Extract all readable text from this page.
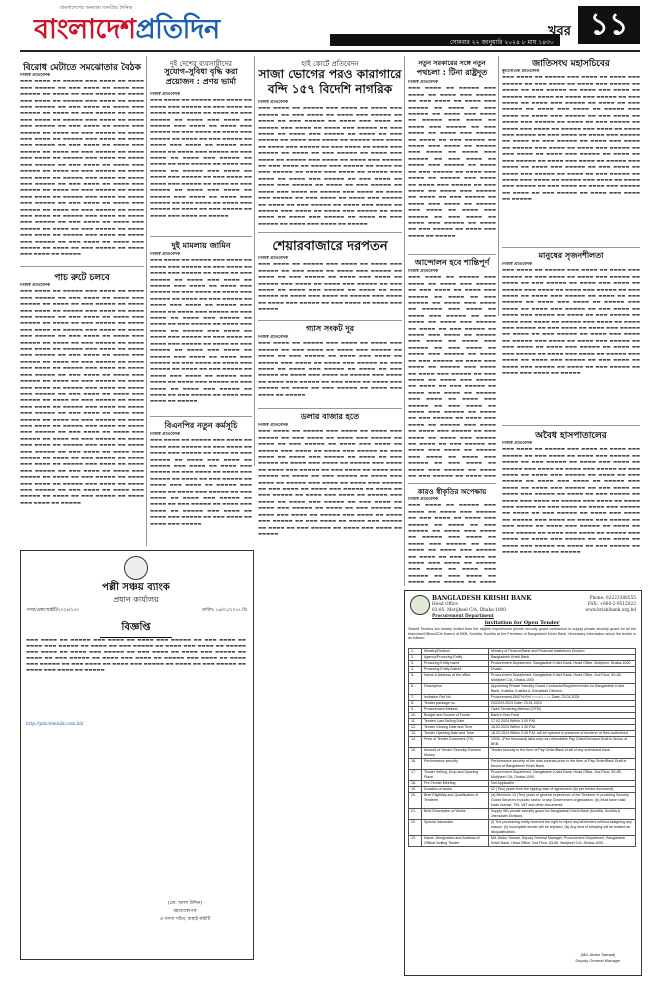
বাংলাদেশের অন্যতম জনপ্রিয় দৈনিক
বাংলাদেশপ্রতিদিন	সোমবার ২২ জানুয়ারি ২০২৪ ৮ মাঘ ১৪৩০
খবর ১১
বিরোধ মেটাতে সমঝোতার বৈঠক
নিজস্ব প্রতিবেদক
▬▬▬ ▬▬▬▬ ▬▬ ▬▬▬▬▬ ▬▬▬ ▬▬▬▬ ▬▬ ▬▬▬▬ ▬▬▬ ▬▬▬▬▬ ▬▬ ▬▬▬ ▬▬▬▬ ▬▬ ▬▬▬▬ ▬▬▬ ▬▬▬▬▬ ▬▬ ▬▬▬▬ ▬▬ ▬▬▬ ▬▬▬▬▬ ▬▬ ▬▬▬▬ ▬▬▬ ▬▬▬▬ ▬▬ ▬▬▬▬▬ ▬▬▬ ▬▬▬▬ ▬▬ ▬▬▬▬ ▬▬▬ ▬▬▬▬▬ ▬▬ ▬▬▬ ▬▬▬▬ ▬▬ ▬▬▬▬ ▬▬▬ ▬▬▬▬▬ ▬▬ ▬▬▬▬ ▬▬ ▬▬▬ ▬▬▬▬▬ ▬▬ ▬▬▬▬ ▬▬▬ ▬▬▬▬ ▬▬ ▬▬▬▬▬ ▬▬▬ ▬▬▬▬ ▬▬ ▬▬▬▬ ▬▬▬ ▬▬▬▬▬ ▬▬ ▬▬▬ ▬▬▬▬ ▬▬ ▬▬▬▬ ▬▬▬ ▬▬▬▬▬ ▬▬ ▬▬▬▬ ▬▬ ▬▬▬ ▬▬▬▬▬ ▬▬ ▬▬▬▬ ▬▬▬ ▬▬▬▬ ▬▬ ▬▬▬▬▬ ▬▬▬ ▬▬▬▬ ▬▬ ▬▬▬▬ ▬▬▬ ▬▬▬▬▬ ▬▬ ▬▬▬ ▬▬▬▬ ▬▬ ▬▬▬▬ ▬▬▬ ▬▬▬▬▬ ▬▬ ▬▬▬▬ ▬▬ ▬▬▬ ▬▬▬▬▬ ▬▬ ▬▬▬▬ ▬▬▬ ▬▬▬▬ ▬▬ ▬▬▬▬▬ ▬▬▬ ▬▬▬▬ ▬▬ ▬▬▬▬ ▬▬▬ ▬▬▬▬▬ ▬▬ ▬▬▬ ▬▬▬▬ ▬▬ ▬▬▬▬ ▬▬▬ ▬▬▬▬▬ ▬▬ ▬▬▬▬ ▬▬ ▬▬▬ ▬▬▬▬▬ ▬▬ ▬▬▬▬ ▬▬▬ ▬▬▬▬ ▬▬ ▬▬▬▬▬ ▬▬▬ ▬▬▬▬ ▬▬ ▬▬▬▬ ▬▬▬ ▬▬▬▬▬ ▬▬ ▬▬▬ ▬▬▬▬ ▬▬ ▬▬▬▬ ▬▬▬ ▬▬▬▬▬ ▬▬ ▬▬▬▬ ▬▬ ▬▬▬ ▬▬▬▬▬ ▬▬ ▬▬▬▬ ▬▬▬ ▬▬▬▬ ▬▬ ▬▬▬▬▬ ▬▬▬ ▬▬▬▬ ▬▬ ▬▬▬▬ ▬▬▬ ▬▬▬▬▬ ▬▬ ▬▬▬ ▬▬▬▬ ▬▬ ▬▬▬▬ ▬▬▬ ▬▬▬▬▬ ▬▬ ▬▬▬▬ ▬▬ ▬▬▬ ▬▬▬▬▬ ▬▬ ▬▬▬▬ ▬▬▬ ▬▬▬▬ ▬▬ ▬▬▬▬▬ ▬▬▬ ▬▬▬▬ ▬▬ ▬▬▬▬ ▬▬▬ ▬▬▬▬▬ ▬▬ ▬▬▬ ▬▬▬▬ ▬▬ ▬▬▬▬ ▬▬▬ ▬▬▬▬▬ ▬▬ ▬▬▬▬ ▬▬ ▬▬▬ ▬▬▬▬▬ ▬▬ ▬▬▬▬ ▬▬▬ ▬▬▬▬ ▬▬ ▬▬▬▬▬ ▬▬▬ ▬▬▬▬ ▬▬ ▬▬▬▬ ▬▬▬ ▬▬▬▬▬ ▬▬ ▬▬▬ ▬▬▬▬ ▬▬ ▬▬▬▬ ▬▬▬ ▬▬▬▬▬ ▬▬ ▬▬▬▬ ▬▬ ▬▬▬ ▬▬▬▬▬ ▬▬ ▬▬▬▬ ▬▬▬ ▬▬▬▬ ▬▬ ▬▬▬▬▬
পাচ রুটে চলবে
নিজস্ব প্রতিবেদক
▬▬▬ ▬▬▬▬ ▬▬ ▬▬▬▬▬ ▬▬▬ ▬▬▬▬ ▬▬ ▬▬▬▬ ▬▬▬ ▬▬▬▬▬ ▬▬ ▬▬▬ ▬▬▬▬ ▬▬ ▬▬▬▬ ▬▬▬ ▬▬▬▬▬ ▬▬ ▬▬▬▬ ▬▬ ▬▬▬ ▬▬▬▬▬ ▬▬ ▬▬▬▬ ▬▬▬ ▬▬▬▬ ▬▬ ▬▬▬▬▬ ▬▬▬ ▬▬▬▬ ▬▬ ▬▬▬▬ ▬▬▬ ▬▬▬▬▬ ▬▬ ▬▬▬ ▬▬▬▬ ▬▬ ▬▬▬▬ ▬▬▬ ▬▬▬▬▬ ▬▬ ▬▬▬▬ ▬▬ ▬▬▬ ▬▬▬▬▬ ▬▬ ▬▬▬▬ ▬▬▬ ▬▬▬▬ ▬▬ ▬▬▬▬▬ ▬▬▬ ▬▬▬▬ ▬▬ ▬▬▬▬ ▬▬▬ ▬▬▬▬▬ ▬▬ ▬▬▬ ▬▬▬▬ ▬▬ ▬▬▬▬ ▬▬▬ ▬▬▬▬▬ ▬▬ ▬▬▬▬ ▬▬ ▬▬▬ ▬▬▬▬▬ ▬▬ ▬▬▬▬ ▬▬▬ ▬▬▬▬ ▬▬ ▬▬▬▬▬ ▬▬▬ ▬▬▬▬ ▬▬ ▬▬▬▬ ▬▬▬ ▬▬▬▬▬ ▬▬ ▬▬▬ ▬▬▬▬ ▬▬ ▬▬▬▬ ▬▬▬ ▬▬▬▬▬ ▬▬ ▬▬▬▬ ▬▬ ▬▬▬ ▬▬▬▬▬ ▬▬ ▬▬▬▬ ▬▬▬ ▬▬▬▬ ▬▬ ▬▬▬▬▬ ▬▬▬ ▬▬▬▬ ▬▬ ▬▬▬▬ ▬▬▬ ▬▬▬▬▬ ▬▬ ▬▬▬ ▬▬▬▬ ▬▬ ▬▬▬▬ ▬▬▬ ▬▬▬▬▬ ▬▬ ▬▬▬▬ ▬▬ ▬▬▬ ▬▬▬▬▬ ▬▬ ▬▬▬▬ ▬▬▬ ▬▬▬▬ ▬▬ ▬▬▬▬▬ ▬▬▬ ▬▬▬▬ ▬▬ ▬▬▬▬ ▬▬▬ ▬▬▬▬▬ ▬▬ ▬▬▬ ▬▬▬▬ ▬▬ ▬▬▬▬ ▬▬▬ ▬▬▬▬▬ ▬▬ ▬▬▬▬ ▬▬ ▬▬▬ ▬▬▬▬▬ ▬▬ ▬▬▬▬ ▬▬▬ ▬▬▬▬ ▬▬ ▬▬▬▬▬ ▬▬▬ ▬▬▬▬ ▬▬ ▬▬▬▬ ▬▬▬ ▬▬▬▬▬ ▬▬ ▬▬▬ ▬▬▬▬ ▬▬ ▬▬▬▬ ▬▬▬ ▬▬▬▬▬ ▬▬ ▬▬▬▬ ▬▬ ▬▬▬ ▬▬▬▬▬ ▬▬ ▬▬▬▬ ▬▬▬ ▬▬▬▬ ▬▬ ▬▬▬▬▬ ▬▬▬ ▬▬▬▬ ▬▬ ▬▬▬▬ ▬▬▬ ▬▬▬▬▬ ▬▬ ▬▬▬ ▬▬▬▬ ▬▬ ▬▬▬▬ ▬▬▬ ▬▬▬▬▬ ▬▬ ▬▬▬▬ ▬▬ ▬▬▬ ▬▬▬▬▬ ▬▬ ▬▬▬▬ ▬▬▬ ▬▬▬▬ ▬▬ ▬▬▬▬▬ ▬▬▬ ▬▬▬▬ ▬▬ ▬▬▬▬ ▬▬▬ ▬▬▬▬▬ ▬▬ ▬▬▬ ▬▬▬▬ ▬▬ ▬▬▬▬ ▬▬▬ ▬▬▬▬▬ ▬▬ ▬▬▬▬ ▬▬ ▬▬▬ ▬▬▬▬▬ ▬▬ ▬▬▬▬ ▬▬▬ ▬▬▬▬ ▬▬ ▬▬▬▬▬ ▬▬▬ ▬▬▬▬ ▬▬ ▬▬▬▬ ▬▬▬ ▬▬▬▬▬ ▬▬ ▬▬▬ ▬▬▬▬ ▬▬ ▬▬▬▬ ▬▬▬ ▬▬▬▬▬ ▬▬ ▬▬▬▬ ▬▬ ▬▬▬ ▬▬▬▬▬ ▬▬ ▬▬▬▬ ▬▬▬ ▬▬▬▬ ▬▬ ▬▬▬▬▬ ▬▬▬ ▬▬▬▬ ▬▬ ▬▬▬▬ ▬▬▬ ▬▬▬▬▬ ▬▬ ▬▬▬ ▬▬▬▬ ▬▬ ▬▬▬▬ ▬▬▬ ▬▬▬▬▬ ▬▬ ▬▬▬▬ ▬▬ ▬▬▬ ▬▬▬▬▬ ▬▬ ▬▬▬▬ ▬▬▬ ▬▬▬▬ ▬▬ ▬▬▬▬▬
দুই দেশের ব্যবসায়ীদের
সুযোগ-সুবিধা বৃদ্ধি করা প্রয়োজন : প্রণয় ভার্মা
নিজস্ব প্রতিবেদক
▬▬▬ ▬▬▬▬ ▬▬ ▬▬▬▬▬ ▬▬▬ ▬▬▬▬ ▬▬ ▬▬▬▬ ▬▬▬ ▬▬▬▬▬ ▬▬ ▬▬▬ ▬▬▬▬ ▬▬ ▬▬▬▬ ▬▬▬ ▬▬▬▬▬ ▬▬ ▬▬▬▬ ▬▬ ▬▬▬ ▬▬▬▬▬ ▬▬ ▬▬▬▬ ▬▬▬ ▬▬▬▬ ▬▬ ▬▬▬▬▬ ▬▬▬ ▬▬▬▬ ▬▬ ▬▬▬▬ ▬▬▬ ▬▬▬▬▬ ▬▬ ▬▬▬ ▬▬▬▬ ▬▬ ▬▬▬▬ ▬▬▬ ▬▬▬▬▬ ▬▬ ▬▬▬▬ ▬▬ ▬▬▬ ▬▬▬▬▬ ▬▬ ▬▬▬▬ ▬▬▬ ▬▬▬▬ ▬▬ ▬▬▬▬▬ ▬▬▬ ▬▬▬▬ ▬▬ ▬▬▬▬ ▬▬▬ ▬▬▬▬▬ ▬▬ ▬▬▬ ▬▬▬▬ ▬▬ ▬▬▬▬ ▬▬▬ ▬▬▬▬▬ ▬▬ ▬▬▬▬ ▬▬ ▬▬▬ ▬▬▬▬▬ ▬▬ ▬▬▬▬ ▬▬▬ ▬▬▬▬ ▬▬ ▬▬▬▬▬ ▬▬▬ ▬▬▬▬ ▬▬ ▬▬▬▬ ▬▬▬ ▬▬▬▬▬ ▬▬ ▬▬▬ ▬▬▬▬ ▬▬ ▬▬▬▬ ▬▬▬ ▬▬▬▬▬ ▬▬ ▬▬▬▬ ▬▬ ▬▬▬ ▬▬▬▬▬ ▬▬ ▬▬▬▬ ▬▬▬ ▬▬▬▬ ▬▬ ▬▬▬▬▬ ▬▬▬ ▬▬▬▬ ▬▬ ▬▬▬▬ ▬▬▬ ▬▬▬▬▬ ▬▬ ▬▬▬ ▬▬▬▬ ▬▬ ▬▬▬▬ ▬▬▬ ▬▬▬▬▬ ▬▬ ▬▬▬▬ ▬▬ ▬▬▬ ▬▬▬▬▬ ▬▬ ▬▬▬▬ ▬▬▬ ▬▬▬▬ ▬▬ ▬▬▬▬▬
দুই মামলায় জামিন
নিজস্ব প্রতিবেদক
▬▬▬ ▬▬▬▬ ▬▬ ▬▬▬▬▬ ▬▬▬ ▬▬▬▬ ▬▬ ▬▬▬▬ ▬▬▬ ▬▬▬▬▬ ▬▬ ▬▬▬ ▬▬▬▬ ▬▬ ▬▬▬▬ ▬▬▬ ▬▬▬▬▬ ▬▬ ▬▬▬▬ ▬▬ ▬▬▬ ▬▬▬▬▬ ▬▬ ▬▬▬▬ ▬▬▬ ▬▬▬▬ ▬▬ ▬▬▬▬▬ ▬▬▬ ▬▬▬▬ ▬▬ ▬▬▬▬ ▬▬▬ ▬▬▬▬▬ ▬▬ ▬▬▬ ▬▬▬▬ ▬▬ ▬▬▬▬ ▬▬▬ ▬▬▬▬▬ ▬▬ ▬▬▬▬ ▬▬ ▬▬▬ ▬▬▬▬▬ ▬▬ ▬▬▬▬ ▬▬▬ ▬▬▬▬ ▬▬ ▬▬▬▬▬ ▬▬▬ ▬▬▬▬ ▬▬ ▬▬▬▬ ▬▬▬ ▬▬▬▬▬ ▬▬ ▬▬▬ ▬▬▬▬ ▬▬ ▬▬▬▬ ▬▬▬ ▬▬▬▬▬ ▬▬ ▬▬▬▬ ▬▬ ▬▬▬ ▬▬▬▬▬ ▬▬ ▬▬▬▬ ▬▬▬ ▬▬▬▬ ▬▬ ▬▬▬▬▬ ▬▬▬ ▬▬▬▬ ▬▬ ▬▬▬▬ ▬▬▬ ▬▬▬▬▬ ▬▬ ▬▬▬ ▬▬▬▬ ▬▬ ▬▬▬▬ ▬▬▬ ▬▬▬▬▬ ▬▬ ▬▬▬▬ ▬▬ ▬▬▬ ▬▬▬▬▬ ▬▬ ▬▬▬▬ ▬▬▬ ▬▬▬▬ ▬▬ ▬▬▬▬▬ ▬▬▬ ▬▬▬▬ ▬▬ ▬▬▬▬ ▬▬▬ ▬▬▬▬▬ ▬▬ ▬▬▬ ▬▬▬▬ ▬▬ ▬▬▬▬ ▬▬▬ ▬▬▬▬▬ ▬▬ ▬▬▬▬ ▬▬ ▬▬▬ ▬▬▬▬▬ ▬▬ ▬▬▬▬ ▬▬▬ ▬▬▬▬ ▬▬ ▬▬▬▬▬ ▬▬▬ ▬▬▬▬ ▬▬ ▬▬▬▬ ▬▬▬ ▬▬▬▬▬ ▬▬ ▬▬▬ ▬▬▬▬ ▬▬ ▬▬▬▬ ▬▬▬ ▬▬▬▬▬ ▬▬ ▬▬▬▬ ▬▬ ▬▬▬ ▬▬▬▬▬ ▬▬ ▬▬▬▬ ▬▬▬ ▬▬▬▬ ▬▬ ▬▬▬▬▬
বিএনপির নতুন কর্মসূচি
নিজস্ব প্রতিবেদক
▬▬▬ ▬▬▬▬ ▬▬ ▬▬▬▬▬ ▬▬▬ ▬▬▬▬ ▬▬ ▬▬▬▬ ▬▬▬ ▬▬▬▬▬ ▬▬ ▬▬▬ ▬▬▬▬ ▬▬ ▬▬▬▬ ▬▬▬ ▬▬▬▬▬ ▬▬ ▬▬▬▬ ▬▬ ▬▬▬ ▬▬▬▬▬ ▬▬ ▬▬▬▬ ▬▬▬ ▬▬▬▬ ▬▬ ▬▬▬▬▬ ▬▬▬ ▬▬▬▬ ▬▬ ▬▬▬▬ ▬▬▬ ▬▬▬▬▬ ▬▬ ▬▬▬ ▬▬▬▬ ▬▬ ▬▬▬▬ ▬▬▬ ▬▬▬▬▬ ▬▬ ▬▬▬▬ ▬▬ ▬▬▬ ▬▬▬▬▬ ▬▬ ▬▬▬▬ ▬▬▬ ▬▬▬▬ ▬▬ ▬▬▬▬▬ ▬▬▬ ▬▬▬▬ ▬▬ ▬▬▬▬ ▬▬▬ ▬▬▬▬▬ ▬▬ ▬▬▬ ▬▬▬▬ ▬▬ ▬▬▬▬ ▬▬▬ ▬▬▬▬▬ ▬▬ ▬▬▬▬ ▬▬ ▬▬▬ ▬▬▬▬▬ ▬▬ ▬▬▬▬ ▬▬▬ ▬▬▬▬ ▬▬ ▬▬▬▬▬ ▬▬▬ ▬▬▬▬ ▬▬ ▬▬▬▬ ▬▬▬ ▬▬▬▬▬ ▬▬ ▬▬▬ ▬▬▬▬ ▬▬ ▬▬▬▬ ▬▬▬ ▬▬▬▬▬
হাই কোর্টে প্রতিবেদন
সাজা ভোগের পরও কারাগারে বন্দি ১৫৭ বিদেশি নাগরিক
নিজস্ব প্রতিবেদক
▬▬▬ ▬▬▬▬ ▬▬ ▬▬▬▬▬ ▬▬▬ ▬▬▬▬ ▬▬ ▬▬▬▬ ▬▬▬ ▬▬▬▬▬ ▬▬ ▬▬▬ ▬▬▬▬ ▬▬ ▬▬▬▬ ▬▬▬ ▬▬▬▬▬ ▬▬ ▬▬▬▬ ▬▬ ▬▬▬ ▬▬▬▬▬ ▬▬ ▬▬▬▬ ▬▬▬ ▬▬▬▬ ▬▬ ▬▬▬▬▬ ▬▬▬ ▬▬▬▬ ▬▬ ▬▬▬▬ ▬▬▬ ▬▬▬▬▬ ▬▬ ▬▬▬ ▬▬▬▬ ▬▬ ▬▬▬▬ ▬▬▬ ▬▬▬▬▬ ▬▬ ▬▬▬▬ ▬▬ ▬▬▬ ▬▬▬▬▬ ▬▬ ▬▬▬▬ ▬▬▬ ▬▬▬▬ ▬▬ ▬▬▬▬▬ ▬▬▬ ▬▬▬▬ ▬▬ ▬▬▬▬ ▬▬▬ ▬▬▬▬▬ ▬▬ ▬▬▬ ▬▬▬▬ ▬▬ ▬▬▬▬ ▬▬▬ ▬▬▬▬▬ ▬▬ ▬▬▬▬ ▬▬ ▬▬▬ ▬▬▬▬▬ ▬▬ ▬▬▬▬ ▬▬▬ ▬▬▬▬ ▬▬ ▬▬▬▬▬ ▬▬▬ ▬▬▬▬ ▬▬ ▬▬▬▬ ▬▬▬ ▬▬▬▬▬ ▬▬ ▬▬▬ ▬▬▬▬ ▬▬ ▬▬▬▬ ▬▬▬ ▬▬▬▬▬ ▬▬ ▬▬▬▬ ▬▬ ▬▬▬ ▬▬▬▬▬ ▬▬ ▬▬▬▬ ▬▬▬ ▬▬▬▬ ▬▬ ▬▬▬▬▬ ▬▬▬ ▬▬▬▬ ▬▬ ▬▬▬▬ ▬▬▬ ▬▬▬▬▬ ▬▬ ▬▬▬ ▬▬▬▬ ▬▬ ▬▬▬▬ ▬▬▬ ▬▬▬▬▬ ▬▬ ▬▬▬▬ ▬▬ ▬▬▬ ▬▬▬▬▬ ▬▬ ▬▬▬▬ ▬▬▬ ▬▬▬▬ ▬▬ ▬▬▬▬▬ ▬▬▬ ▬▬▬▬ ▬▬ ▬▬▬▬ ▬▬▬ ▬▬▬▬▬ ▬▬ ▬▬▬ ▬▬▬▬ ▬▬ ▬▬▬▬ ▬▬▬ ▬▬▬▬▬ ▬▬ ▬▬▬▬ ▬▬ ▬▬▬ ▬▬▬▬▬ ▬▬ ▬▬▬▬ ▬▬▬ ▬▬▬▬ ▬▬ ▬▬▬▬▬ ▬▬▬ ▬▬▬▬ ▬▬ ▬▬▬▬ ▬▬▬ ▬▬▬▬▬ ▬▬ ▬▬▬ ▬▬▬▬ ▬▬ ▬▬▬▬ ▬▬▬ ▬▬▬▬▬ ▬▬ ▬▬▬▬ ▬▬ ▬▬▬ ▬▬▬▬▬ ▬▬ ▬▬▬▬ ▬▬▬ ▬▬▬▬ ▬▬ ▬▬▬▬▬
শেয়ারবাজারে দরপতন
নিজস্ব প্রতিবেদক
▬▬▬ ▬▬▬▬ ▬▬ ▬▬▬▬▬ ▬▬▬ ▬▬▬▬ ▬▬ ▬▬▬▬ ▬▬▬ ▬▬▬▬▬ ▬▬ ▬▬▬ ▬▬▬▬ ▬▬ ▬▬▬▬ ▬▬▬ ▬▬▬▬▬ ▬▬ ▬▬▬▬ ▬▬ ▬▬▬ ▬▬▬▬▬ ▬▬ ▬▬▬▬ ▬▬▬ ▬▬▬▬ ▬▬ ▬▬▬▬▬ ▬▬▬ ▬▬▬▬ ▬▬ ▬▬▬▬ ▬▬▬ ▬▬▬▬▬ ▬▬ ▬▬▬ ▬▬▬▬ ▬▬ ▬▬▬▬ ▬▬▬ ▬▬▬▬▬ ▬▬ ▬▬▬▬ ▬▬ ▬▬▬ ▬▬▬▬▬ ▬▬ ▬▬▬▬ ▬▬▬ ▬▬▬▬ ▬▬ ▬▬▬▬▬ ▬▬▬ ▬▬▬▬ ▬▬ ▬▬▬▬ ▬▬▬ ▬▬▬▬▬ ▬▬ ▬▬▬ ▬▬▬▬ ▬▬ ▬▬▬▬ ▬▬▬ ▬▬▬▬▬
গ্যাস সংকট দূর
নিজস্ব প্রতিবেদক
▬▬▬ ▬▬▬▬ ▬▬ ▬▬▬▬▬ ▬▬▬ ▬▬▬▬ ▬▬ ▬▬▬▬ ▬▬▬ ▬▬▬▬▬ ▬▬ ▬▬▬ ▬▬▬▬ ▬▬ ▬▬▬▬ ▬▬▬ ▬▬▬▬▬ ▬▬ ▬▬▬▬ ▬▬ ▬▬▬ ▬▬▬▬▬ ▬▬ ▬▬▬▬ ▬▬▬ ▬▬▬▬ ▬▬ ▬▬▬▬▬ ▬▬▬ ▬▬▬▬ ▬▬ ▬▬▬▬ ▬▬▬ ▬▬▬▬▬ ▬▬ ▬▬▬ ▬▬▬▬ ▬▬ ▬▬▬▬ ▬▬▬ ▬▬▬▬▬ ▬▬ ▬▬▬▬ ▬▬ ▬▬▬ ▬▬▬▬▬ ▬▬ ▬▬▬▬ ▬▬▬ ▬▬▬▬ ▬▬ ▬▬▬▬▬ ▬▬▬ ▬▬▬▬ ▬▬ ▬▬▬▬ ▬▬▬ ▬▬▬▬▬ ▬▬ ▬▬▬ ▬▬▬▬ ▬▬ ▬▬▬▬ ▬▬▬ ▬▬▬▬▬ ▬▬ ▬▬▬▬ ▬▬ ▬▬▬ ▬▬▬▬▬ ▬▬ ▬▬▬▬ ▬▬▬ ▬▬▬▬ ▬▬ ▬▬▬▬▬
ডলার বাজার হতে
নিজস্ব প্রতিবেদক
▬▬▬ ▬▬▬▬ ▬▬ ▬▬▬▬▬ ▬▬▬ ▬▬▬▬ ▬▬ ▬▬▬▬ ▬▬▬ ▬▬▬▬▬ ▬▬ ▬▬▬ ▬▬▬▬ ▬▬ ▬▬▬▬ ▬▬▬ ▬▬▬▬▬ ▬▬ ▬▬▬▬ ▬▬ ▬▬▬ ▬▬▬▬▬ ▬▬ ▬▬▬▬ ▬▬▬ ▬▬▬▬ ▬▬ ▬▬▬▬▬ ▬▬▬ ▬▬▬▬ ▬▬ ▬▬▬▬ ▬▬▬ ▬▬▬▬▬ ▬▬ ▬▬▬ ▬▬▬▬ ▬▬ ▬▬▬▬ ▬▬▬ ▬▬▬▬▬ ▬▬ ▬▬▬▬ ▬▬ ▬▬▬ ▬▬▬▬▬ ▬▬ ▬▬▬▬ ▬▬▬ ▬▬▬▬ ▬▬ ▬▬▬▬▬ ▬▬▬ ▬▬▬▬ ▬▬ ▬▬▬▬ ▬▬▬ ▬▬▬▬▬ ▬▬ ▬▬▬ ▬▬▬▬ ▬▬ ▬▬▬▬ ▬▬▬ ▬▬▬▬▬ ▬▬ ▬▬▬▬ ▬▬ ▬▬▬ ▬▬▬▬▬ ▬▬ ▬▬▬▬ ▬▬▬ ▬▬▬▬ ▬▬ ▬▬▬▬▬ ▬▬▬ ▬▬▬▬ ▬▬ ▬▬▬▬ ▬▬▬ ▬▬▬▬▬ ▬▬ ▬▬▬ ▬▬▬▬ ▬▬ ▬▬▬▬ ▬▬▬ ▬▬▬▬▬ ▬▬ ▬▬▬▬ ▬▬ ▬▬▬ ▬▬▬▬▬ ▬▬ ▬▬▬▬ ▬▬▬ ▬▬▬▬ ▬▬ ▬▬▬▬▬ ▬▬▬ ▬▬▬▬ ▬▬ ▬▬▬▬ ▬▬▬ ▬▬▬▬▬ ▬▬ ▬▬▬ ▬▬▬▬ ▬▬ ▬▬▬▬ ▬▬▬ ▬▬▬▬▬ ▬▬ ▬▬▬▬ ▬▬ ▬▬▬ ▬▬▬▬▬ ▬▬ ▬▬▬▬ ▬▬▬ ▬▬▬▬ ▬▬ ▬▬▬▬▬ ▬▬▬ ▬▬▬▬ ▬▬ ▬▬▬▬ ▬▬▬ ▬▬▬▬▬ ▬▬ ▬▬▬ ▬▬▬▬ ▬▬ ▬▬▬▬ ▬▬▬ ▬▬▬▬▬ ▬▬ ▬▬▬▬ ▬▬ ▬▬▬ ▬▬▬▬▬ ▬▬ ▬▬▬▬ ▬▬▬ ▬▬▬▬ ▬▬ ▬▬▬▬▬
নতুন সরকারের সঙ্গে নতুন
পথচলা : টিনা রাষ্ট্রদূত
নিজস্ব প্রতিবেদক
▬▬▬ ▬▬▬▬ ▬▬ ▬▬▬▬▬ ▬▬▬ ▬▬▬▬ ▬▬ ▬▬▬▬ ▬▬▬ ▬▬▬▬▬ ▬▬ ▬▬▬ ▬▬▬▬ ▬▬ ▬▬▬▬ ▬▬▬ ▬▬▬▬▬ ▬▬ ▬▬▬▬ ▬▬ ▬▬▬ ▬▬▬▬▬ ▬▬ ▬▬▬▬ ▬▬▬ ▬▬▬▬ ▬▬ ▬▬▬▬▬ ▬▬▬ ▬▬▬▬ ▬▬ ▬▬▬▬ ▬▬▬ ▬▬▬▬▬ ▬▬ ▬▬▬ ▬▬▬▬ ▬▬ ▬▬▬▬ ▬▬▬ ▬▬▬▬▬ ▬▬ ▬▬▬▬ ▬▬ ▬▬▬ ▬▬▬▬▬ ▬▬ ▬▬▬▬ ▬▬▬ ▬▬▬▬ ▬▬ ▬▬▬▬▬ ▬▬▬ ▬▬▬▬ ▬▬ ▬▬▬▬ ▬▬▬ ▬▬▬▬▬ ▬▬ ▬▬▬ ▬▬▬▬ ▬▬ ▬▬▬▬ ▬▬▬ ▬▬▬▬▬ ▬▬ ▬▬▬▬ ▬▬ ▬▬▬ ▬▬▬▬▬ ▬▬ ▬▬▬▬ ▬▬▬ ▬▬▬▬ ▬▬ ▬▬▬▬▬ ▬▬▬ ▬▬▬▬ ▬▬ ▬▬▬▬ ▬▬▬ ▬▬▬▬▬ ▬▬ ▬▬▬ ▬▬▬▬ ▬▬ ▬▬▬▬ ▬▬▬ ▬▬▬▬▬ ▬▬ ▬▬▬▬ ▬▬ ▬▬▬ ▬▬▬▬▬ ▬▬ ▬▬▬▬ ▬▬▬ ▬▬▬▬ ▬▬ ▬▬▬▬▬ ▬▬▬ ▬▬▬▬ ▬▬ ▬▬▬▬ ▬▬▬ ▬▬▬▬▬ ▬▬ ▬▬▬ ▬▬▬▬ ▬▬ ▬▬▬▬ ▬▬▬ ▬▬▬▬▬ ▬▬ ▬▬▬▬ ▬▬ ▬▬▬ ▬▬▬▬▬ ▬▬ ▬▬▬▬ ▬▬▬ ▬▬▬▬ ▬▬ ▬▬▬▬▬
আন্দোলন হবে শান্তিপূর্ণ
নিজস্ব প্রতিবেদক
▬▬▬ ▬▬▬▬ ▬▬ ▬▬▬▬▬ ▬▬▬ ▬▬▬▬ ▬▬ ▬▬▬▬ ▬▬▬ ▬▬▬▬▬ ▬▬ ▬▬▬ ▬▬▬▬ ▬▬ ▬▬▬▬ ▬▬▬ ▬▬▬▬▬ ▬▬ ▬▬▬▬ ▬▬ ▬▬▬ ▬▬▬▬▬ ▬▬ ▬▬▬▬ ▬▬▬ ▬▬▬▬ ▬▬ ▬▬▬▬▬ ▬▬▬ ▬▬▬▬ ▬▬ ▬▬▬▬ ▬▬▬ ▬▬▬▬▬ ▬▬ ▬▬▬ ▬▬▬▬ ▬▬ ▬▬▬▬ ▬▬▬ ▬▬▬▬▬ ▬▬ ▬▬▬▬ ▬▬ ▬▬▬ ▬▬▬▬▬ ▬▬ ▬▬▬▬ ▬▬▬ ▬▬▬▬ ▬▬ ▬▬▬▬▬ ▬▬▬ ▬▬▬▬ ▬▬ ▬▬▬▬ ▬▬▬ ▬▬▬▬▬ ▬▬ ▬▬▬ ▬▬▬▬ ▬▬ ▬▬▬▬ ▬▬▬ ▬▬▬▬▬ ▬▬ ▬▬▬▬ ▬▬ ▬▬▬ ▬▬▬▬▬ ▬▬ ▬▬▬▬ ▬▬▬ ▬▬▬▬ ▬▬ ▬▬▬▬▬ ▬▬▬ ▬▬▬▬ ▬▬ ▬▬▬▬ ▬▬▬ ▬▬▬▬▬ ▬▬ ▬▬▬ ▬▬▬▬ ▬▬ ▬▬▬▬ ▬▬▬ ▬▬▬▬▬ ▬▬ ▬▬▬▬ ▬▬ ▬▬▬ ▬▬▬▬▬ ▬▬ ▬▬▬▬ ▬▬▬ ▬▬▬▬ ▬▬ ▬▬▬▬▬ ▬▬▬ ▬▬▬▬ ▬▬ ▬▬▬▬ ▬▬▬ ▬▬▬▬▬ ▬▬ ▬▬▬ ▬▬▬▬ ▬▬ ▬▬▬▬ ▬▬▬ ▬▬▬▬▬ ▬▬ ▬▬▬▬ ▬▬ ▬▬▬ ▬▬▬▬▬ ▬▬ ▬▬▬▬ ▬▬▬ ▬▬▬▬ ▬▬ ▬▬▬▬▬ ▬▬▬ ▬▬▬▬ ▬▬ ▬▬▬▬ ▬▬▬ ▬▬▬▬▬ ▬▬ ▬▬▬ ▬▬▬▬ ▬▬ ▬▬▬▬ ▬▬▬ ▬▬▬▬▬ ▬▬ ▬▬▬▬ ▬▬ ▬▬▬ ▬▬▬▬▬ ▬▬ ▬▬▬▬ ▬▬▬ ▬▬▬▬ ▬▬ ▬▬▬▬▬ ▬▬▬ ▬▬▬▬ ▬▬ ▬▬▬▬ ▬▬▬ ▬▬▬▬▬ ▬▬ ▬▬▬ ▬▬▬▬ ▬▬ ▬▬▬▬ ▬▬▬ ▬▬▬▬▬ ▬▬ ▬▬▬▬ ▬▬ ▬▬▬ ▬▬▬▬▬ ▬▬ ▬▬▬▬ ▬▬▬
কারও স্বীকৃতির অপেক্ষায়
নিজস্ব প্রতিবেদক
▬▬▬ ▬▬▬▬ ▬▬ ▬▬▬▬▬ ▬▬▬ ▬▬▬▬ ▬▬ ▬▬▬▬ ▬▬▬ ▬▬▬▬▬ ▬▬ ▬▬▬ ▬▬▬▬ ▬▬ ▬▬▬▬ ▬▬▬ ▬▬▬▬▬ ▬▬ ▬▬▬▬ ▬▬ ▬▬▬ ▬▬▬▬▬ ▬▬ ▬▬▬▬ ▬▬▬ ▬▬▬▬ ▬▬ ▬▬▬▬▬ ▬▬▬ ▬▬▬▬ ▬▬ ▬▬▬▬ ▬▬▬ ▬▬▬▬▬ ▬▬ ▬▬▬ ▬▬▬▬ ▬▬ ▬▬▬▬ ▬▬▬ ▬▬▬▬▬ ▬▬ ▬▬▬▬ ▬▬ ▬▬▬ ▬▬▬▬▬ ▬▬ ▬▬▬▬ ▬▬▬ ▬▬▬▬ ▬▬ ▬▬▬▬▬ ▬▬▬ ▬▬▬▬ ▬▬ ▬▬▬▬ ▬▬▬ ▬▬▬▬▬ ▬▬ ▬▬▬ ▬▬▬▬ ▬▬ ▬▬▬▬ ▬▬▬ ▬▬▬▬▬ ▬▬ ▬▬▬▬
জাতিসংঘ মহাসচিবের
কূটনৈতিক প্রতিবেদক
▬▬▬ ▬▬▬▬ ▬▬ ▬▬▬▬▬ ▬▬▬ ▬▬▬▬ ▬▬ ▬▬▬▬ ▬▬▬ ▬▬▬▬▬ ▬▬ ▬▬▬ ▬▬▬▬ ▬▬ ▬▬▬▬ ▬▬▬ ▬▬▬▬▬ ▬▬ ▬▬▬▬ ▬▬ ▬▬▬ ▬▬▬▬▬ ▬▬ ▬▬▬▬ ▬▬▬ ▬▬▬▬ ▬▬ ▬▬▬▬▬ ▬▬▬ ▬▬▬▬ ▬▬ ▬▬▬▬ ▬▬▬ ▬▬▬▬▬ ▬▬ ▬▬▬ ▬▬▬▬ ▬▬ ▬▬▬▬ ▬▬▬ ▬▬▬▬▬ ▬▬ ▬▬▬▬ ▬▬ ▬▬▬ ▬▬▬▬▬ ▬▬ ▬▬▬▬ ▬▬▬ ▬▬▬▬ ▬▬ ▬▬▬▬▬ ▬▬▬ ▬▬▬▬ ▬▬ ▬▬▬▬ ▬▬▬ ▬▬▬▬▬ ▬▬ ▬▬▬ ▬▬▬▬ ▬▬ ▬▬▬▬ ▬▬▬ ▬▬▬▬▬ ▬▬ ▬▬▬▬ ▬▬ ▬▬▬ ▬▬▬▬▬ ▬▬ ▬▬▬▬ ▬▬▬ ▬▬▬▬ ▬▬ ▬▬▬▬▬ ▬▬▬ ▬▬▬▬ ▬▬ ▬▬▬▬ ▬▬▬ ▬▬▬▬▬ ▬▬ ▬▬▬ ▬▬▬▬ ▬▬ ▬▬▬▬ ▬▬▬ ▬▬▬▬▬ ▬▬ ▬▬▬▬ ▬▬ ▬▬▬ ▬▬▬▬▬ ▬▬ ▬▬▬▬ ▬▬▬ ▬▬▬▬ ▬▬ ▬▬▬▬▬ ▬▬▬ ▬▬▬▬ ▬▬ ▬▬▬▬ ▬▬▬ ▬▬▬▬▬ ▬▬ ▬▬▬ ▬▬▬▬ ▬▬ ▬▬▬▬ ▬▬▬ ▬▬▬▬▬ ▬▬ ▬▬▬▬ ▬▬ ▬▬▬ ▬▬▬▬▬ ▬▬ ▬▬▬▬ ▬▬▬ ▬▬▬▬ ▬▬ ▬▬▬▬▬ ▬▬▬ ▬▬▬▬ ▬▬ ▬▬▬▬ ▬▬▬ ▬▬▬▬▬ ▬▬ ▬▬▬ ▬▬▬▬ ▬▬ ▬▬▬▬ ▬▬▬ ▬▬▬▬▬ ▬▬ ▬▬▬▬ ▬▬ ▬▬▬ ▬▬▬▬▬ ▬▬ ▬▬▬▬ ▬▬▬ ▬▬▬▬ ▬▬ ▬▬▬▬▬ ▬▬▬ ▬▬▬▬ ▬▬ ▬▬▬▬ ▬▬▬ ▬▬▬▬▬ ▬▬ ▬▬▬ ▬▬▬▬ ▬▬ ▬▬▬▬ ▬▬▬ ▬▬▬▬▬ ▬▬ ▬▬▬▬ ▬▬ ▬▬▬ ▬▬▬▬▬ ▬▬ ▬▬▬▬ ▬▬▬ ▬▬▬▬ ▬▬ ▬▬▬▬▬
মানুষের সৃজনশীলতা
নিজস্ব প্রতিবেদক
▬▬▬ ▬▬▬▬ ▬▬ ▬▬▬▬▬ ▬▬▬ ▬▬▬▬ ▬▬ ▬▬▬▬ ▬▬▬ ▬▬▬▬▬ ▬▬ ▬▬▬ ▬▬▬▬ ▬▬ ▬▬▬▬ ▬▬▬ ▬▬▬▬▬ ▬▬ ▬▬▬▬ ▬▬ ▬▬▬ ▬▬▬▬▬ ▬▬ ▬▬▬▬ ▬▬▬ ▬▬▬▬ ▬▬ ▬▬▬▬▬ ▬▬▬ ▬▬▬▬ ▬▬ ▬▬▬▬ ▬▬▬ ▬▬▬▬▬ ▬▬ ▬▬▬ ▬▬▬▬ ▬▬ ▬▬▬▬ ▬▬▬ ▬▬▬▬▬ ▬▬ ▬▬▬▬ ▬▬ ▬▬▬ ▬▬▬▬▬ ▬▬ ▬▬▬▬ ▬▬▬ ▬▬▬▬ ▬▬ ▬▬▬▬▬ ▬▬▬ ▬▬▬▬ ▬▬ ▬▬▬▬ ▬▬▬ ▬▬▬▬▬ ▬▬ ▬▬▬ ▬▬▬▬ ▬▬ ▬▬▬▬ ▬▬▬ ▬▬▬▬▬ ▬▬ ▬▬▬▬ ▬▬ ▬▬▬ ▬▬▬▬▬ ▬▬ ▬▬▬▬ ▬▬▬ ▬▬▬▬ ▬▬ ▬▬▬▬▬ ▬▬▬ ▬▬▬▬ ▬▬ ▬▬▬▬ ▬▬▬ ▬▬▬▬▬ ▬▬ ▬▬▬ ▬▬▬▬ ▬▬ ▬▬▬▬ ▬▬▬ ▬▬▬▬▬ ▬▬ ▬▬▬▬ ▬▬ ▬▬▬ ▬▬▬▬▬ ▬▬ ▬▬▬▬ ▬▬▬ ▬▬▬▬ ▬▬ ▬▬▬▬▬ ▬▬▬ ▬▬▬▬ ▬▬ ▬▬▬▬ ▬▬▬ ▬▬▬▬▬ ▬▬ ▬▬▬ ▬▬▬▬ ▬▬ ▬▬▬▬ ▬▬▬ ▬▬▬▬▬ ▬▬ ▬▬▬▬ ▬▬ ▬▬▬ ▬▬▬▬▬ ▬▬ ▬▬▬▬ ▬▬▬ ▬▬▬▬ ▬▬ ▬▬▬▬▬ ▬▬▬ ▬▬▬▬ ▬▬ ▬▬▬▬ ▬▬▬ ▬▬▬▬▬ ▬▬ ▬▬▬ ▬▬▬▬ ▬▬ ▬▬▬▬ ▬▬▬ ▬▬▬▬▬ ▬▬ ▬▬▬▬ ▬▬ ▬▬▬ ▬▬▬▬▬ ▬▬ ▬▬▬▬ ▬▬▬ ▬▬▬▬ ▬▬ ▬▬▬▬▬
অবৈধ হাসপাতালের
নিজস্ব প্রতিবেদক
▬▬▬ ▬▬▬▬ ▬▬ ▬▬▬▬▬ ▬▬▬ ▬▬▬▬ ▬▬ ▬▬▬▬ ▬▬▬ ▬▬▬▬▬ ▬▬ ▬▬▬ ▬▬▬▬ ▬▬ ▬▬▬▬ ▬▬▬ ▬▬▬▬▬ ▬▬ ▬▬▬▬ ▬▬ ▬▬▬ ▬▬▬▬▬ ▬▬ ▬▬▬▬ ▬▬▬ ▬▬▬▬ ▬▬ ▬▬▬▬▬ ▬▬▬ ▬▬▬▬ ▬▬ ▬▬▬▬ ▬▬▬ ▬▬▬▬▬ ▬▬ ▬▬▬ ▬▬▬▬ ▬▬ ▬▬▬▬ ▬▬▬ ▬▬▬▬▬ ▬▬ ▬▬▬▬ ▬▬ ▬▬▬ ▬▬▬▬▬ ▬▬ ▬▬▬▬ ▬▬▬ ▬▬▬▬ ▬▬ ▬▬▬▬▬ ▬▬▬ ▬▬▬▬ ▬▬ ▬▬▬▬ ▬▬▬ ▬▬▬▬▬ ▬▬ ▬▬▬ ▬▬▬▬ ▬▬ ▬▬▬▬ ▬▬▬ ▬▬▬▬▬ ▬▬ ▬▬▬▬ ▬▬ ▬▬▬ ▬▬▬▬▬ ▬▬ ▬▬▬▬ ▬▬▬ ▬▬▬▬ ▬▬ ▬▬▬▬▬ ▬▬▬ ▬▬▬▬ ▬▬ ▬▬▬▬ ▬▬▬ ▬▬▬▬▬ ▬▬ ▬▬▬ ▬▬▬▬ ▬▬ ▬▬▬▬ ▬▬▬ ▬▬▬▬▬ ▬▬ ▬▬▬▬ ▬▬ ▬▬▬ ▬▬▬▬▬ ▬▬ ▬▬▬▬ ▬▬▬ ▬▬▬▬ ▬▬ ▬▬▬▬▬ ▬▬▬ ▬▬▬▬ ▬▬ ▬▬▬▬ ▬▬▬ ▬▬▬▬▬ ▬▬ ▬▬▬ ▬▬▬▬ ▬▬ ▬▬▬▬ ▬▬▬ ▬▬▬▬▬ ▬▬ ▬▬▬▬ ▬▬ ▬▬▬ ▬▬▬▬▬ ▬▬ ▬▬▬▬ ▬▬▬ ▬▬▬▬ ▬▬ ▬▬▬▬▬ ▬▬▬ ▬▬▬▬ ▬▬ ▬▬▬▬ ▬▬▬ ▬▬▬▬▬ ▬▬ ▬▬▬ ▬▬▬▬ ▬▬ ▬▬▬▬ ▬▬▬ ▬▬▬▬▬ ▬▬ ▬▬▬▬ ▬▬ ▬▬▬ ▬▬▬▬▬ ▬▬ ▬▬▬▬ ▬▬▬ ▬▬▬▬ ▬▬ ▬▬▬▬▬
পল্লী সঞ্চয় ব্যাংক
প্রধান কার্যালয়
পসবা/প্রকা/আইটি/২০২৪/১৫০	তারিখ: ১৬/০১/২০২৪ খ্রি.
বিজ্ঞপ্তি
▬▬▬ ▬▬▬▬ ▬▬ ▬▬▬▬▬ ▬▬▬ ▬▬▬▬ ▬▬ ▬▬▬▬ ▬▬▬ ▬▬▬▬▬ ▬▬ ▬▬▬ ▬▬▬▬ ▬▬ ▬▬▬▬ ▬▬▬ ▬▬▬▬▬ ▬▬ ▬▬▬▬ ▬▬ ▬▬▬ ▬▬▬▬▬ ▬▬ ▬▬▬▬ ▬▬▬ ▬▬▬▬ ▬▬ ▬▬▬▬▬ ▬▬▬ ▬▬▬▬ ▬▬ ▬▬▬▬ ▬▬▬ ▬▬▬▬▬ ▬▬ ▬▬▬ ▬▬▬▬ ▬▬ ▬▬▬▬ ▬▬▬ ▬▬▬▬▬ ▬▬ ▬▬▬▬ ▬▬ ▬▬▬ ▬▬▬▬▬ ▬▬ ▬▬▬▬ ▬▬▬ ▬▬▬▬ ▬▬ ▬▬▬▬▬ ▬▬▬ ▬▬▬▬ ▬▬ ▬▬▬▬ ▬▬▬ ▬▬▬▬▬ ▬▬ ▬▬▬ ▬▬▬▬ ▬▬ ▬▬▬▬ ▬▬▬ ▬▬▬▬▬ ▬▬ ▬▬▬▬ ▬▬ ▬▬▬ ▬▬▬▬▬ ▬▬ ▬▬▬▬ ▬▬▬ ▬▬▬▬ ▬▬ ▬▬▬▬▬
http://psb.teletalk.com.bd/
(মো: আলা উদ্দিন)
মহাব্যবস্থাপক
ও সদস্য সচিব, বাছাই কমিটি
BANGLADESH KRISHI BANK
Head Office
83-85, Motijheel C/A, Dhaka-1000.
Procurement Department
Phone: 02223388555
FAX: +880-2-9512022
www.krishibank.org.bd
Invitation for Open Tender
Sealed Tenders are hereby invited from the eligible experienced private security guard contractors to supply private security guard for all the branches/Offices/ZOs branch of BKB, Kushtia, Kushtia at the Premises of Bangladesh Krishi Bank. Necessary Information about the tender is as follows:
1.	Ministry/Division	Ministry of Finance/Bank and Financial Institutions Division
2.	Agency/Procuring Entity	Bangladesh Krishi Bank
3.	Procuring Entity name	Procurement Department, Bangladesh Krishi Bank, Head Office, Motijheel, Dhaka-1000.
4.	Procuring Entity District	Dhaka
5.	Name & Address of the office	Procurement Department, Bangladesh Krishi Bank, Head Office, 2nd Floor, 83-85, Motijheel C/A, Dhaka-1000.
6.	Description	Appointing Private Security Guard Contractor/Supplier/vendor for Bangladesh Krishi Bank, Kushtia, Kushtia & Jhenaidah Division.
7.	Invitation Ref No.	Procurement-2847/আইস/২০২৪/১১১৯ Date: 23.01.2024
8.	Tender package no.	20/2023-2024 Date: 23.01.2024
9.	Procurement Method	Open Tendering Method (OTM)
10.	Budget and Source of Funds	Bank's Own Fund
11.	Tender/ Last Selling Date	17.02.2024 Within 3.00 P.M.
12.	Tender Closing Date and Time	18.02.2024 Within 3.30 P.M.
13.	Tender Opening Date and Time	18.02.2024 Within 3.45 P.M. will be opened in presence of tenderer or their authorized
14.	Price of Tender Document (TK)	1000/- (Five thousand) taka only non-refundable Pay Order/Demand Draft in favour of BKB.
15.	Amount of Tender Security/ Earnest Money	Tender security in the form of Pay Order/Bank Draft of any scheduled bank.
16.	Performance security	Performance security of the total contract price in the form of Pay Order/Bank Draft in favour of Bangladesh Krishi Bank.
17.	Tender Selling, Drop and Opening Place	Procurement Department, Bangladesh Krishi Bank, Head Office, 2nd Floor, 83-85, Motijheel C/A, Dhaka-1000.
18.	Pre-Tender Meeting	Not Applicable
19.	Duration of works	02 (Two) years from the signing date of agreement (As per tender document).
20.	Brief Eligibility and Qualification of Tenderer	(a) Minimum 10 (Ten) years of general experience of the Tenderer in providing Security Guard Services in public sector or any Government organization. (b) Must have valid trade license, TIN, VAT and other documents.
21.	Brief Description of Works	Supply 961 private security guard for Bangladesh Krishi Bank (Kushtia, Kushtia & Jhenaidah Division).
22.	Special Instruction	(i) The purchasing entity reserves the right to reject any/all tenders without assigning any reason. (ii) Incomplete tender will be rejected. (iii) Any kind of lobbying will be treated as disqualification.
23.	Name, Designation and Address of Official Inviting Tender	Md. Abdur Samad, Deputy General Manager, Procurement Department, Bangladesh Krishi Bank, Head Office, 2nd Floor, 83-85, Motijheel C/A, Dhaka-1000.
(Md. Abdur Samad)
Deputy General Manager
